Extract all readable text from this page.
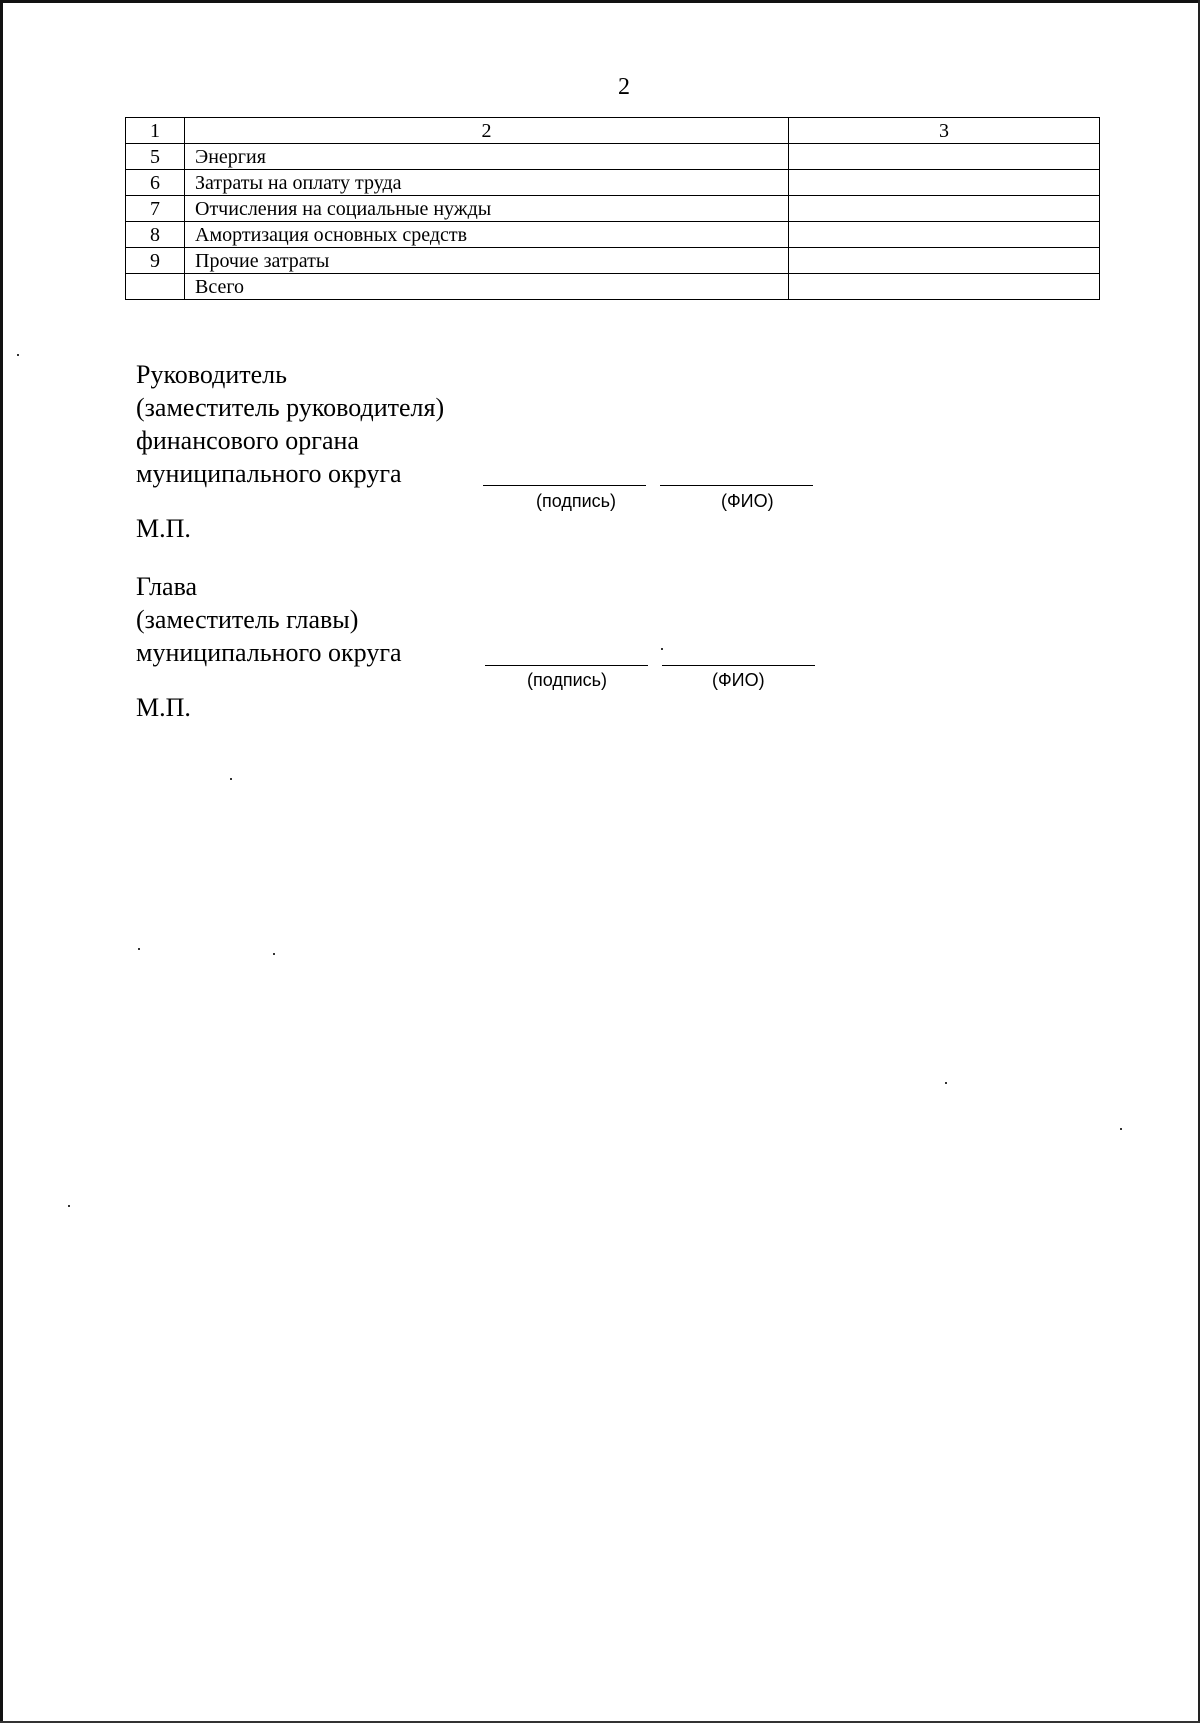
2
1	2	3
5	Энергия	
6	Затраты на оплату труда	
7	Отчисления на социальные нужды	
8	Амортизация основных средств	
9	Прочие затраты	
	Всего	
Руководитель
(заместитель руководителя)
финансового органа
муниципального округа
(подпись)	(ФИО)
М.П.
Глава
(заместитель главы)
муниципального округа
(подпись)	(ФИО)
М.П.
